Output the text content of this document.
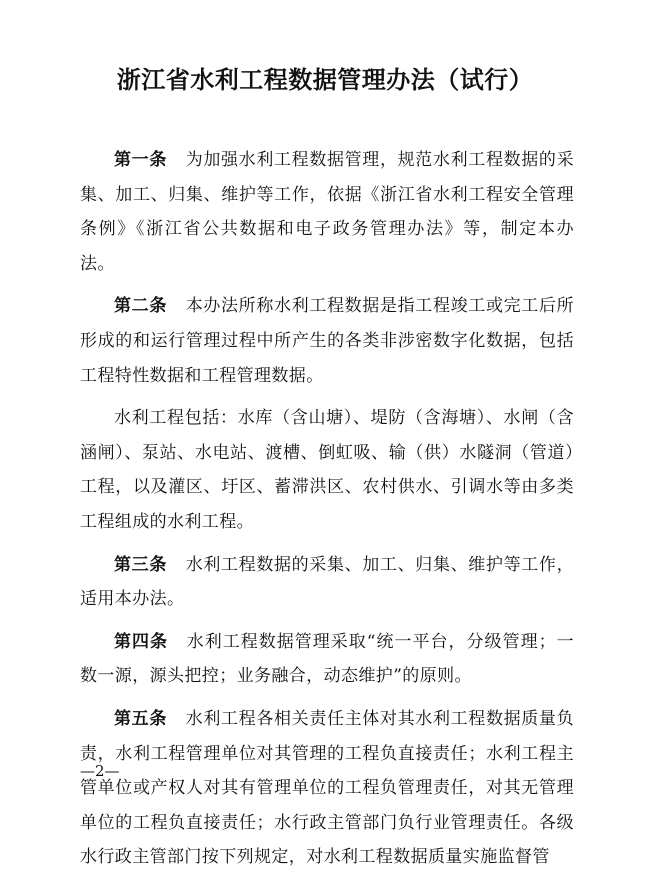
浙江省水利工程数据管理办法（试行）

第一条 为加强水利工程数据管理，规范水利工程数据的采集、加工、归集、维护等工作，依据《浙江省水利工程安全管理条例》《浙江省公共数据和电子政务管理办法》等，制定本办法。

第二条 本办法所称水利工程数据是指工程竣工或完工后所形成的和运行管理过程中所产生的各类非涉密数字化数据，包括工程特性数据和工程管理数据。

水利工程包括：水库（含山塘）、堤防（含海塘）、水闸（含涵闸）、泵站、水电站、渡槽、倒虹吸、输（供）水隧洞（管道）工程，以及灌区、圩区、蓄滞洪区、农村供水、引调水等由多类工程组成的水利工程。

第三条 水利工程数据的采集、加工、归集、维护等工作，适用本办法。

第四条 水利工程数据管理采取“统一平台，分级管理；一数一源，源头把控；业务融合，动态维护”的原则。

第五条 水利工程各相关责任主体对其水利工程数据质量负责，水利工程管理单位对其管理的工程负直接责任；水利工程主管单位或产权人对其有管理单位的工程负管理责任，对其无管理单位的工程负直接责任；水行政主管部门负行业管理责任。各级水行政主管部门按下列规定，对水利工程数据质量实施监督管

—2—
